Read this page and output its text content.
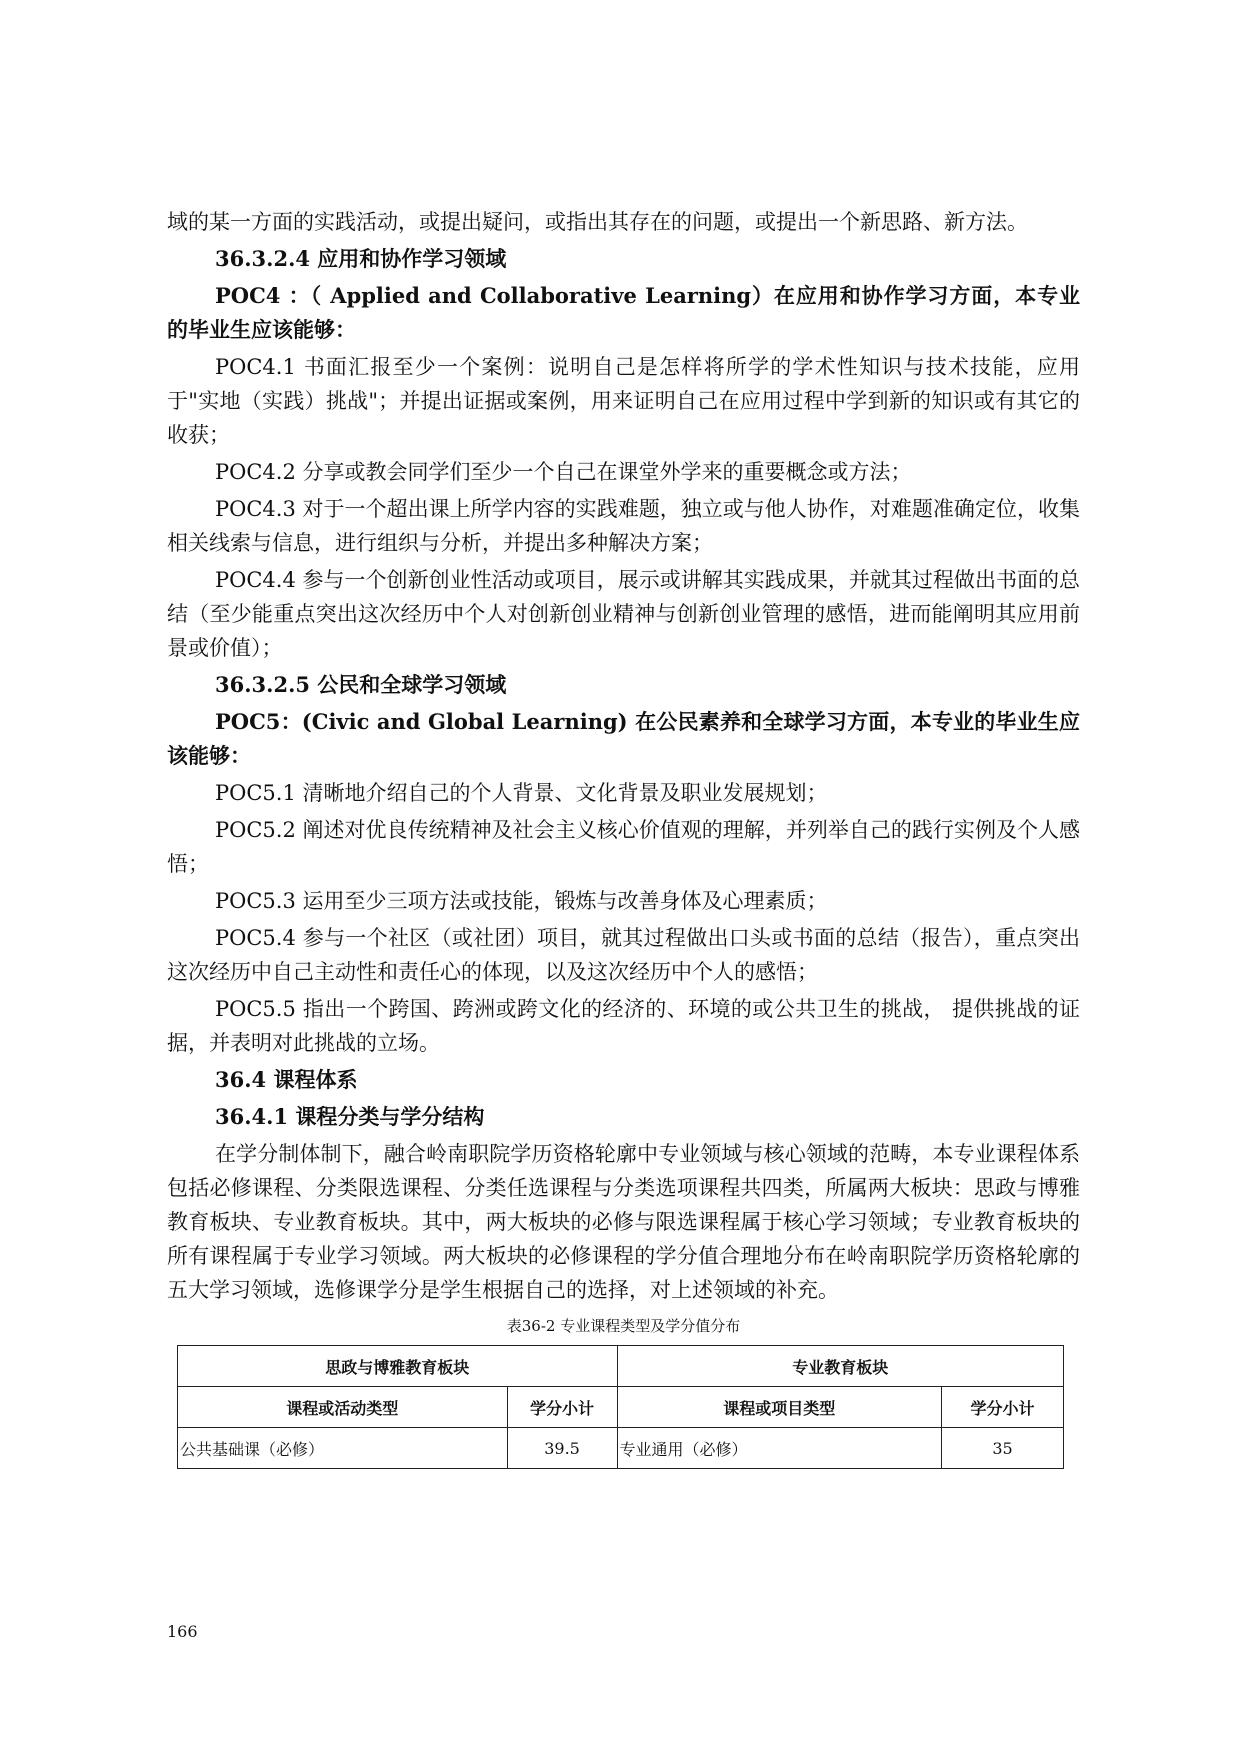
域的某一方面的实践活动，或提出疑问，或指出其存在的问题，或提出一个新思路、新方法。

36.3.2.4 应用和协作学习领域

POC4 ：（ Applied and Collaborative Learning）在应用和协作学习方面，本专业的毕业生应该能够：

POC4.1 书面汇报至少一个案例：说明自己是怎样将所学的学术性知识与技术技能，应用于"实地（实践）挑战"；并提出证据或案例，用来证明自己在应用过程中学到新的知识或有其它的收获；

POC4.2 分享或教会同学们至少一个自己在课堂外学来的重要概念或方法；

POC4.3 对于一个超出课上所学内容的实践难题，独立或与他人协作，对难题准确定位，收集相关线索与信息，进行组织与分析，并提出多种解决方案；

POC4.4 参与一个创新创业性活动或项目，展示或讲解其实践成果，并就其过程做出书面的总结（至少能重点突出这次经历中个人对创新创业精神与创新创业管理的感悟，进而能阐明其应用前景或价值）；

36.3.2.5 公民和全球学习领域

POC5：(Civic and Global Learning) 在公民素养和全球学习方面，本专业的毕业生应该能够：

POC5.1 清晰地介绍自己的个人背景、文化背景及职业发展规划；

POC5.2 阐述对优良传统精神及社会主义核心价值观的理解，并列举自己的践行实例及个人感悟；

POC5.3 运用至少三项方法或技能，锻炼与改善身体及心理素质；

POC5.4 参与一个社区（或社团）项目，就其过程做出口头或书面的总结（报告），重点突出这次经历中自己主动性和责任心的体现，以及这次经历中个人的感悟；

POC5.5 指出一个跨国、跨洲或跨文化的经济的、环境的或公共卫生的挑战， 提供挑战的证据，并表明对此挑战的立场。

36.4 课程体系

36.4.1 课程分类与学分结构

在学分制体制下，融合岭南职院学历资格轮廓中专业领域与核心领域的范畴，本专业课程体系包括必修课程、分类限选课程、分类任选课程与分类选项课程共四类，所属两大板块：思政与博雅教育板块、专业教育板块。其中，两大板块的必修与限选课程属于核心学习领域；专业教育板块的所有课程属于专业学习领域。两大板块的必修课程的学分值合理地分布在岭南职院学历资格轮廓的五大学习领域，选修课学分是学生根据自己的选择，对上述领域的补充。

表36-2 专业课程类型及学分值分布

思政与博雅教育板块		专业教育板块	
课程或活动类型	学分小计	课程或项目类型	学分小计
公共基础课（必修）	39.5	专业通用（必修）	35
166
